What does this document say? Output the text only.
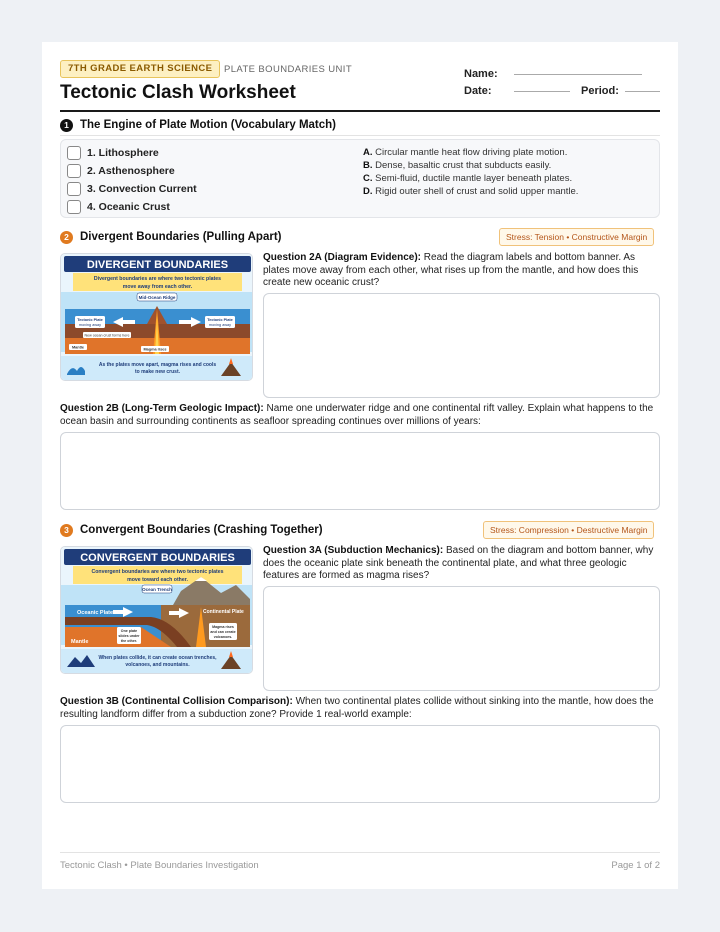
7TH GRADE EARTH SCIENCE	PLATE BOUNDARIES UNIT
Tectonic Clash Worksheet
Name:
Date:	Period:
1 The Engine of Plate Motion (Vocabulary Match)
1. Lithosphere
2. Asthenosphere
3. Convection Current
4. Oceanic Crust
A. Circular mantle heat flow driving plate motion.
B. Dense, basaltic crust that subducts easily.
C. Semi-fluid, ductile mantle layer beneath plates.
D. Rigid outer shell of crust and solid upper mantle.
2 Divergent Boundaries (Pulling Apart)	Stress: Tension • Constructive Margin
DIVERGENT BOUNDARIES
Divergent boundaries are where two tectonic plates
move away from each other.
Mid-Ocean Ridge
Tectonic Plate
moving away
Tectonic Plate
moving away
New ocean crust forms here
Mantle	Magma rises
As the plates move apart, magma rises and cools
to make new crust.
Question 2A (Diagram Evidence): Read the diagram labels and bottom banner. As plates move away from each other, what rises up from the mantle, and how does this create new oceanic crust?
Question 2B (Long-Term Geologic Impact): Name one underwater ridge and one continental rift valley. Explain what happens to the ocean basin and surrounding continents as seafloor spreading continues over millions of years:
3 Convergent Boundaries (Crashing Together)	Stress: Compression • Destructive Margin
CONVERGENT BOUNDARIES
Convergent boundaries are where two tectonic plates
move toward each other.
Ocean Trench
Oceanic Plate	Continental Plate
Mantle
One plate
slides under
the other.
Magma rises
and can create
volcanoes.
When plates collide, it can create ocean trenches,
volcanoes, and mountains.
Question 3A (Subduction Mechanics): Based on the diagram and bottom banner, why does the oceanic plate sink beneath the continental plate, and what three geologic features are formed as magma rises?
Question 3B (Continental Collision Comparison): When two continental plates collide without sinking into the mantle, how does the resulting landform differ from a subduction zone? Provide 1 real-world example:
Tectonic Clash • Plate Boundaries Investigation	Page 1 of 2
